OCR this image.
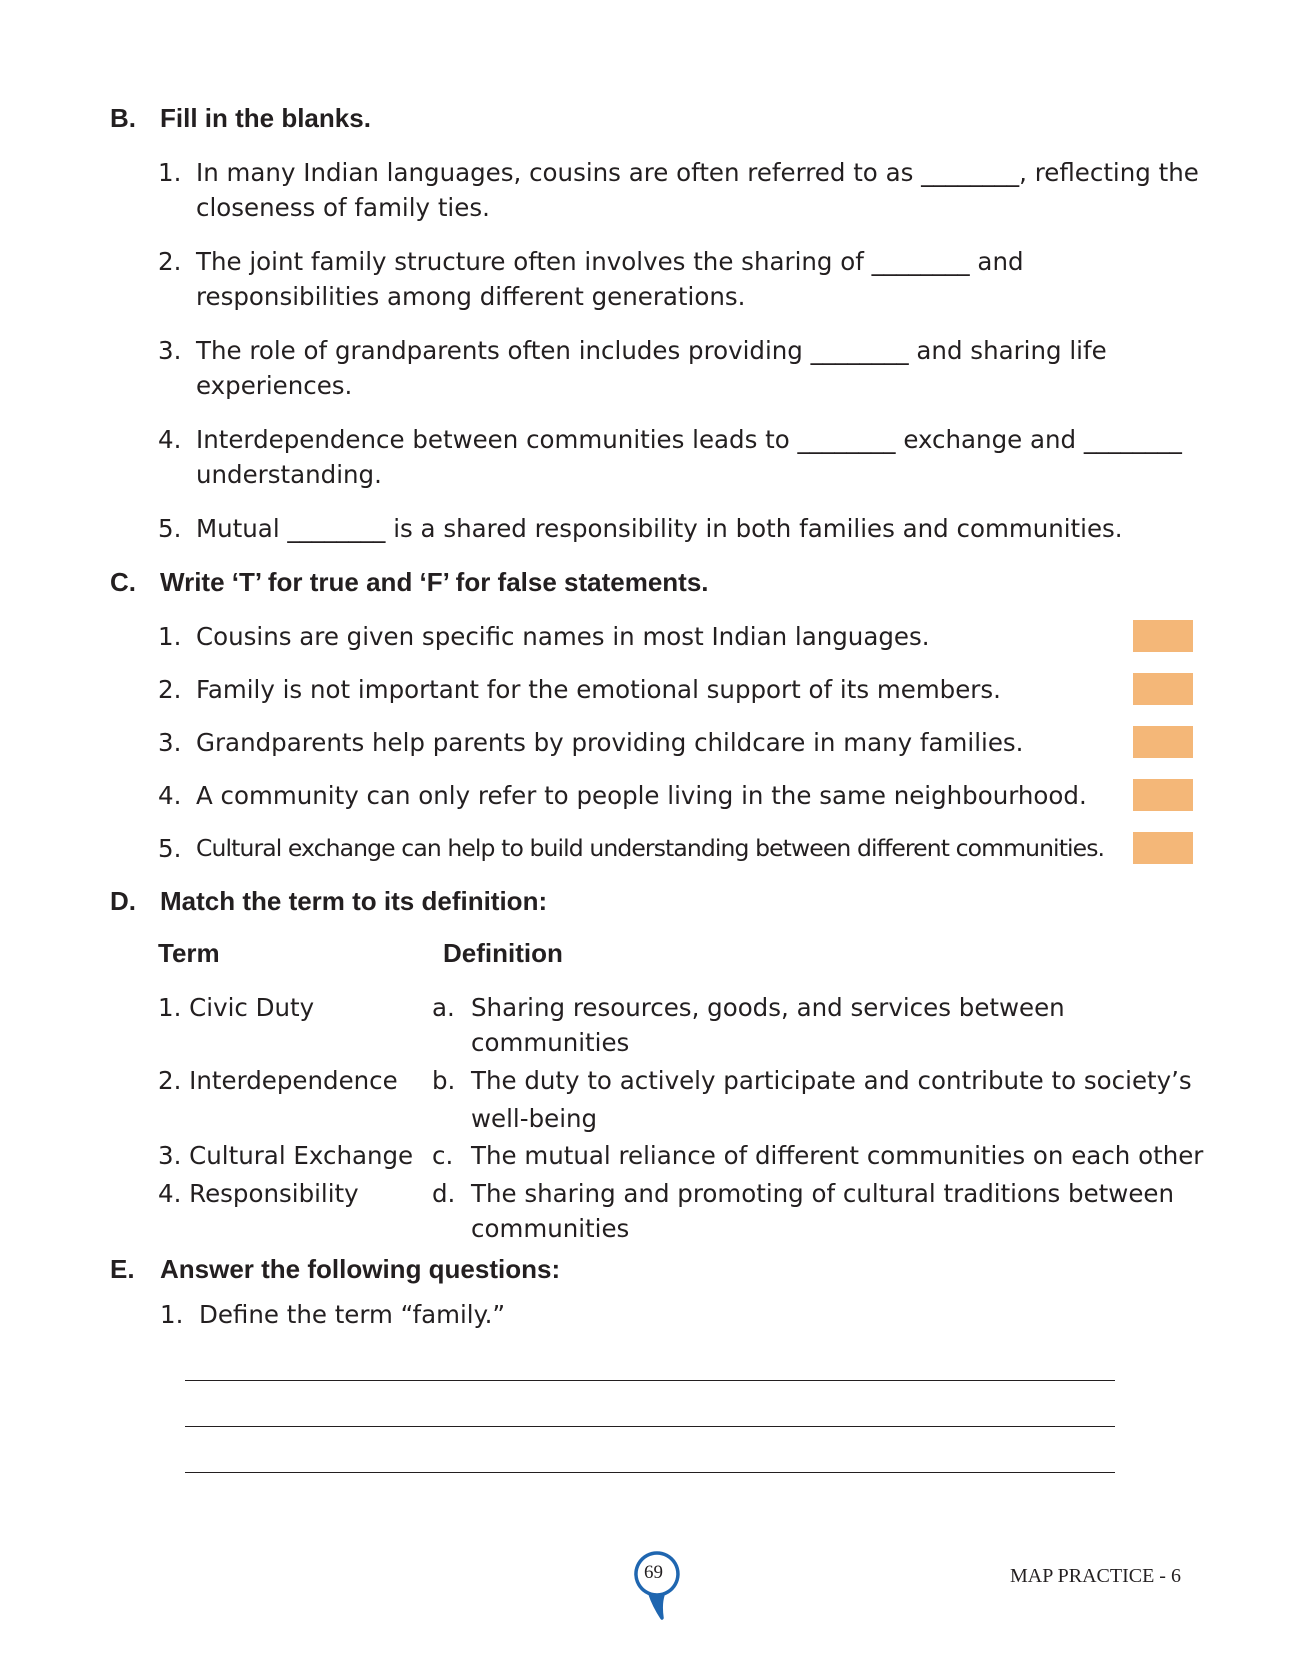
B. Fill in the blanks.
1. In many Indian languages, cousins are often referred to as ________, reflecting the
closeness of family ties.
2. The joint family structure often involves the sharing of ________ and
responsibilities among different generations.
3. The role of grandparents often includes providing ________ and sharing life
experiences.
4. Interdependence between communities leads to ________ exchange and ________
understanding.
5. Mutual ________ is a shared responsibility in both families and communities.
C. Write ‘T’ for true and ‘F’ for false statements.
1. Cousins are given specific names in most Indian languages.
2. Family is not important for the emotional support of its members.
3. Grandparents help parents by providing childcare in many families.
4. A community can only refer to people living in the same neighbourhood.
5. Cultural exchange can help to build understanding between different communities.
D. Match the term to its definition:
Term	Definition
1. Civic Duty
2. Interdependence
3. Cultural Exchange
4. Responsibility
a. Sharing resources, goods, and services between
communities
b. The duty to actively participate and contribute to society’s
well-being
c. The mutual reliance of different communities on each other
d. The sharing and promoting of cultural traditions between
communities
E. Answer the following questions:
1.  Define the term “family.”
69	MAP PRACTICE - 6
